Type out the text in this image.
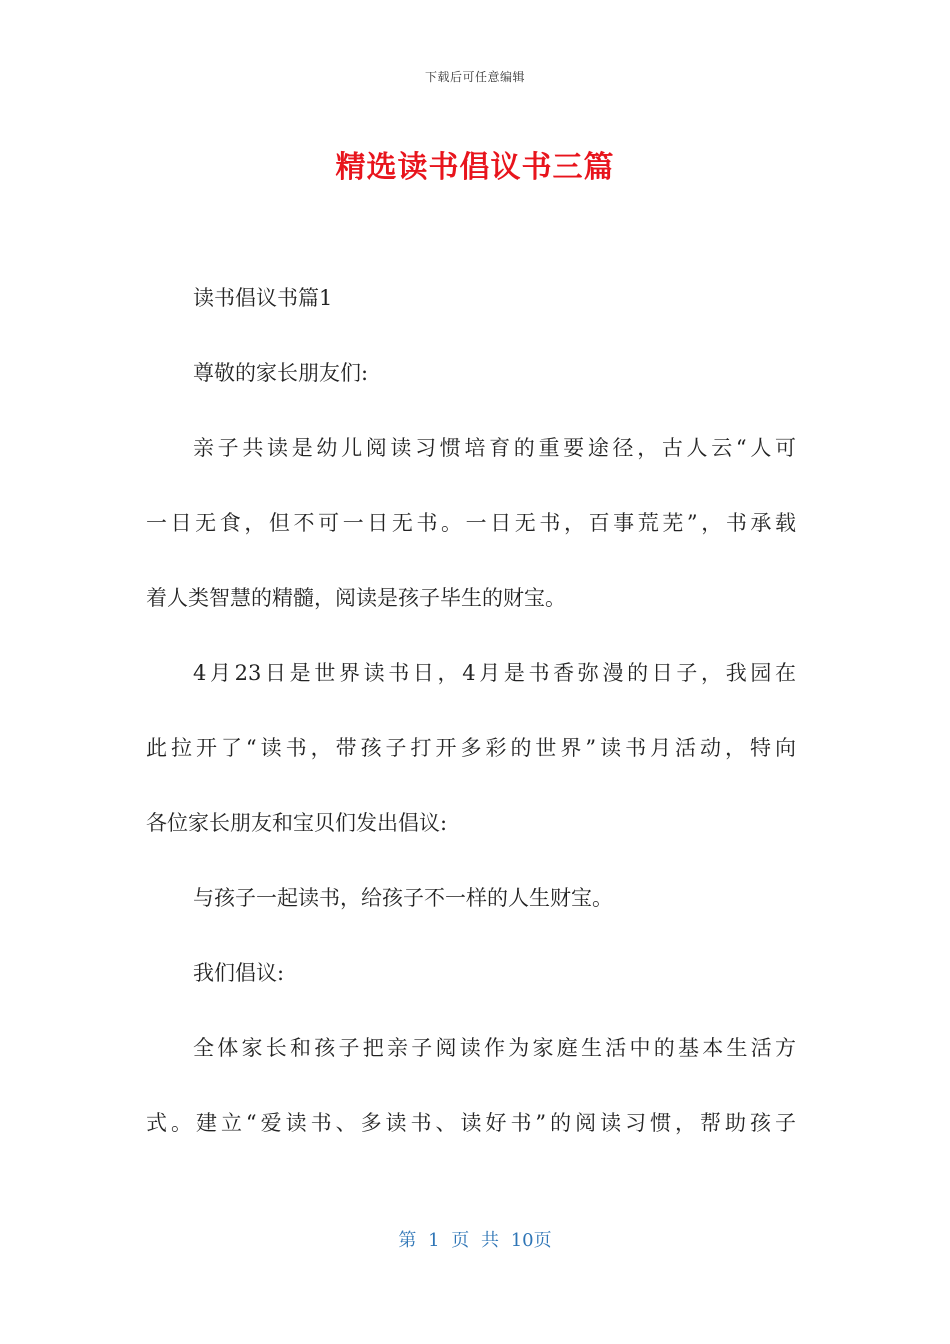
下载后可任意编辑
精选读书倡议书三篇
读书倡议书篇1
尊敬的家长朋友们:
亲子共读是幼儿阅读习惯培育的重要途径，古人云“人可
一日无食，但不可一日无书。一日无书，百事荒芜”，书承载
着人类智慧的精髓，阅读是孩子毕生的财宝。
4月23日是世界读书日，4月是书香弥漫的日子，我园在
此拉开了“读书，带孩子打开多彩的世界”读书月活动，特向
各位家长朋友和宝贝们发出倡议:
与孩子一起读书，给孩子不一样的人生财宝。
我们倡议:
全体家长和孩子把亲子阅读作为家庭生活中的基本生活方
式。建立“爱读书、多读书、读好书”的阅读习惯，帮助孩子
第 1 页 共 10页
